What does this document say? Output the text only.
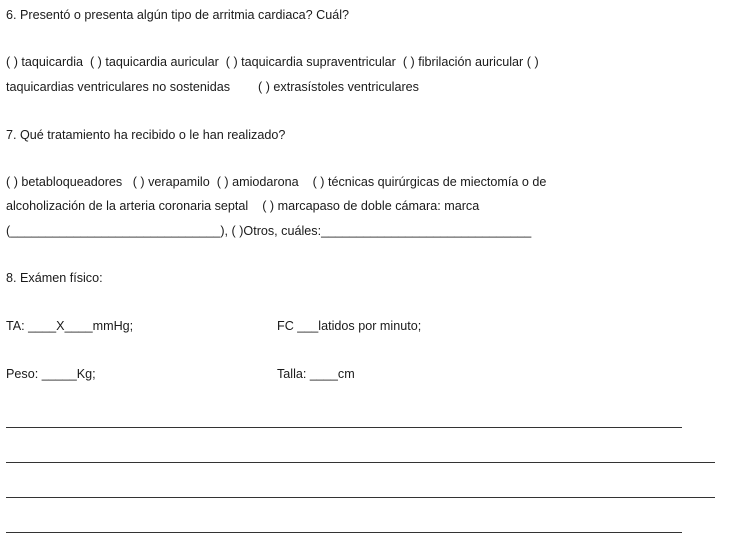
6. Presentó o presenta algún tipo de arritmia cardiaca? Cuál?
( ) taquicardia  ( ) taquicardia auricular  ( ) taquicardia supraventricular  ( ) fibrilación auricular ( )
taquicardias ventriculares no sostenidas        ( ) extrasístoles ventriculares
7. Qué tratamiento ha recibido o le han realizado?
( ) betabloqueadores   ( ) verapamilo  ( ) amiodarona    ( ) técnicas quirúrgicas de miectomía o de
alcoholización de la arteria coronaria septal    ( ) marcapaso de doble cámara: marca
(______________________________), ( )Otros, cuáles:______________________________
8. Exámen físico:
TA: ____X____mmHg;	FC ___latidos por minuto;
Peso: _____Kg;	Talla: ____cm
